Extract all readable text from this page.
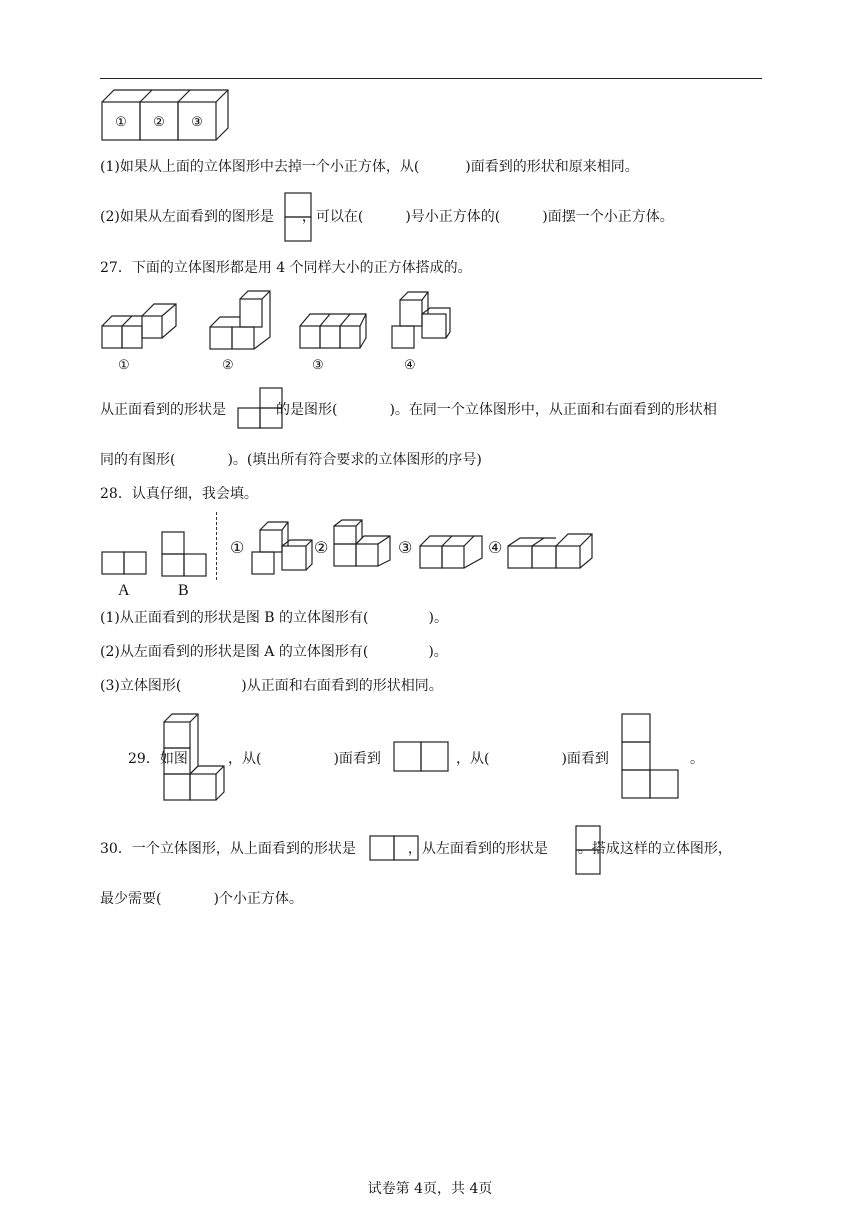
① ② ③
(1)如果从上面的立体图形中去掉一个小正方体，从(	)面看到的形状和原来相同。
(2)如果从左面看到的图形是 ，可以在(	)号小正方体的(	)面摆一个小正方体。
27．下面的立体图形都是用 4 个同样大小的正方体搭成的。
①	②	③	④
从正面看到的形状是	的是图形(	)。在同一个立体图形中，从正面和右面看到的形状相
同的有图形(	)。(填出所有符合要求的立体图形的序号)
28．认真仔细，我会填。
A	B
①	②	③	④
(1)从正面看到的形状是图 B 的立体图形有(	)。
(2)从左面看到的形状是图 A 的立体图形有(	)。
(3)立体图形(	)从正面和右面看到的形状相同。
29．如图	，从(	)面看到	，从(	)面看到	。
30．一个立体图形，从上面看到的形状是	，从左面看到的形状是 。搭成这样的立体图形，
最少需要(	)个小正方体。
试卷第 4页，共 4页
